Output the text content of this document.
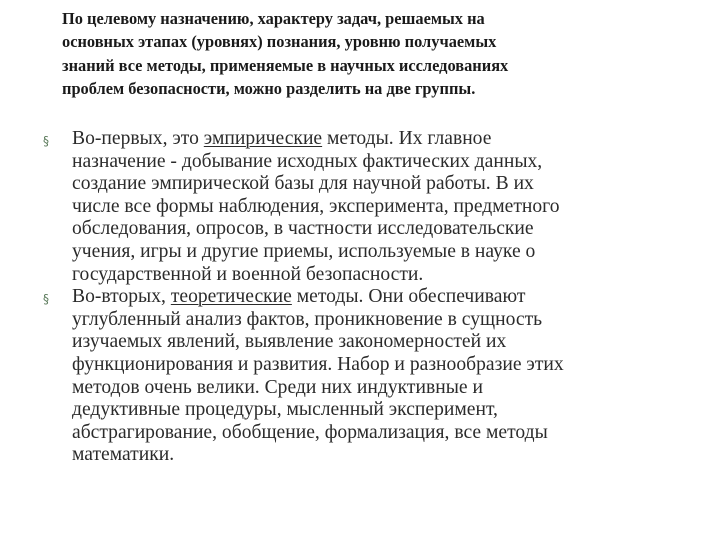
По целевому назначению, характеру задач, решаемых на
основных этапах (уровнях) познания, уровню получаемых
знаний все методы, применяемые в научных исследованиях
проблем безопасности, можно разделить на две группы.
§ Во-первых, это эмпирические методы. Их главное
назначение - добывание исходных фактических данных,
создание эмпирической базы для научной работы. В их
числе все формы наблюдения, эксперимента, предметного
обследования, опросов, в частности исследовательские
учения, игры и другие приемы, используемые в науке о
государственной и военной безопасности.
§ Во-вторых, теоретические методы. Они обеспечивают
углубленный анализ фактов, проникновение в сущность
изучаемых явлений, выявление закономерностей их
функционирования и развития. Набор и разнообразие этих
методов очень велики. Среди них индуктивные и
дедуктивные процедуры, мысленный эксперимент,
абстрагирование, обобщение, формализация, все методы
математики.
